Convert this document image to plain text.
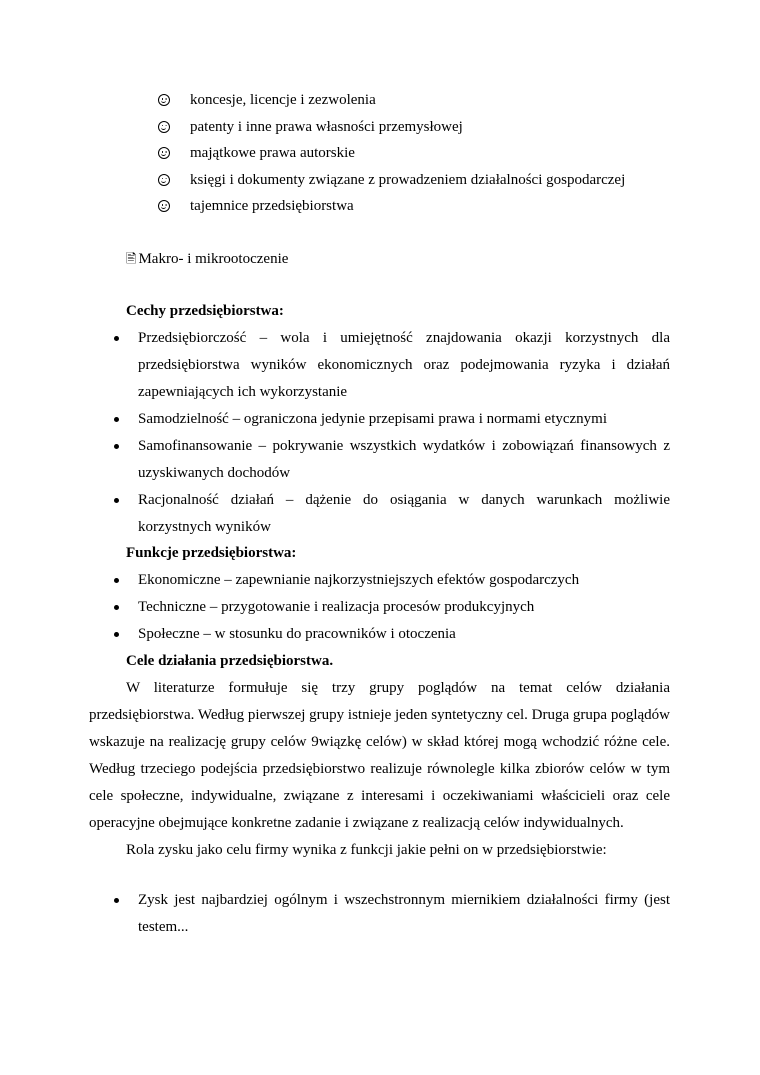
koncesje, licencje i zezwolenia
patenty i inne prawa własności przemysłowej
majątkowe prawa autorskie
księgi i dokumenty związane z prowadzeniem działalności gospodarczej
tajemnice przedsiębiorstwa
🖹 Makro- i mikrootoczenie
Cechy przedsiębiorstwa:
Przedsiębiorczość – wola i umiejętność znajdowania okazji korzystnych dla przedsiębiorstwa wyników ekonomicznych oraz podejmowania ryzyka i działań zapewniających ich wykorzystanie
Samodzielność – ograniczona jedynie przepisami prawa i normami etycznymi
Samofinansowanie – pokrywanie wszystkich wydatków i zobowiązań finansowych z uzyskiwanych dochodów
Racjonalność działań – dążenie do osiągania w danych warunkach możliwie korzystnych wyników
Funkcje przedsiębiorstwa:
Ekonomiczne – zapewnianie najkorzystniejszych efektów gospodarczych
Techniczne – przygotowanie i realizacja procesów produkcyjnych
Społeczne – w stosunku do pracowników i otoczenia
Cele działania przedsiębiorstwa.

W literaturze formułuje się trzy grupy poglądów na temat celów działania przedsiębiorstwa. Według pierwszej grupy istnieje jeden syntetyczny cel. Druga grupa poglądów wskazuje na realizację grupy celów 9wiązkę celów) w skład której mogą wchodzić różne cele. Według trzeciego podejścia przedsiębiorstwo realizuje równolegle kilka zbiorów celów w tym cele społeczne, indywidualne, związane z interesami i oczekiwaniami właścicieli oraz cele operacyjne obejmujące konkretne zadanie i związane z realizacją celów indywidualnych.

Rola zysku jako celu firmy wynika z funkcji jakie pełni on w przedsiębiorstwie:

Zysk jest najbardziej ogólnym i wszechstronnym miernikiem działalności firmy (jest testem...
